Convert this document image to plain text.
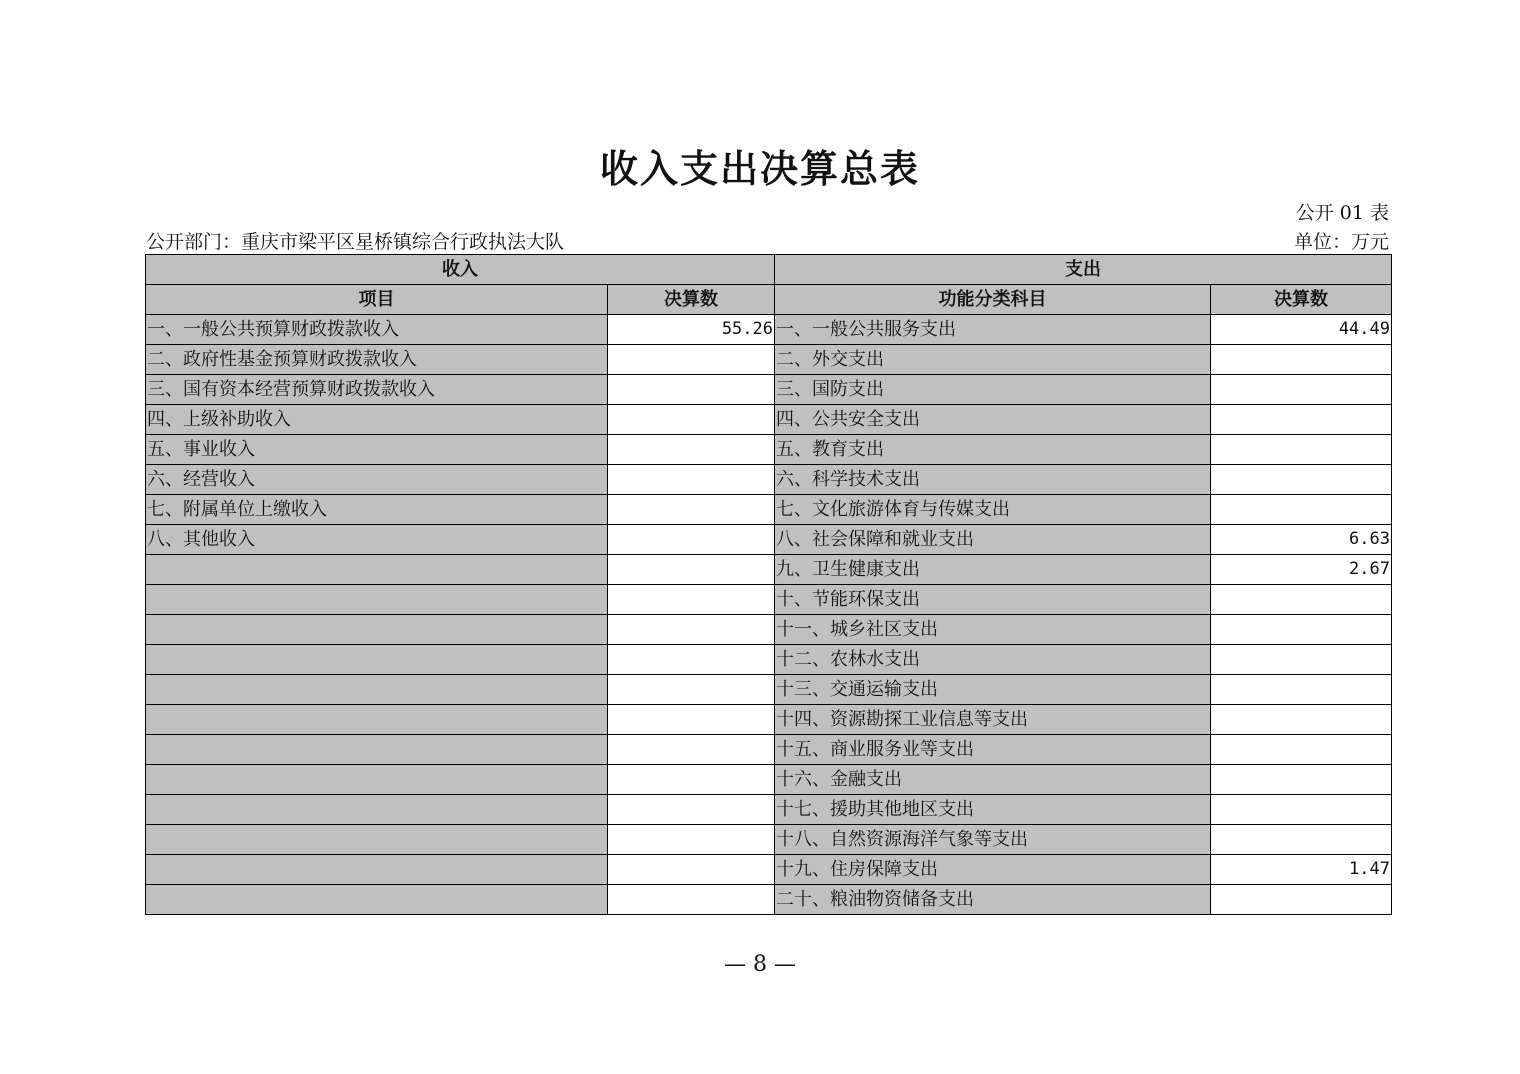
收入支出决算总表
公开 01 表
公开部门：重庆市梁平区星桥镇综合行政执法大队	单位：万元
收入		支出	
项目	决算数	功能分类科目	决算数
一、一般公共预算财政拨款收入	55.26	一、一般公共服务支出	44.49
二、政府性基金预算财政拨款收入		二、外交支出	
三、国有资本经营预算财政拨款收入		三、国防支出	
四、上级补助收入		四、公共安全支出	
五、事业收入		五、教育支出	
六、经营收入		六、科学技术支出	
七、附属单位上缴收入		七、文化旅游体育与传媒支出	
八、其他收入		八、社会保障和就业支出	6.63
		九、卫生健康支出	2.67
		十、节能环保支出	
		十一、城乡社区支出	
		十二、农林水支出	
		十三、交通运输支出	
		十四、资源勘探工业信息等支出	
		十五、商业服务业等支出	
		十六、金融支出	
		十七、援助其他地区支出	
		十八、自然资源海洋气象等支出	
		十九、住房保障支出	1.47
		二十、粮油物资储备支出	
— 8 —
